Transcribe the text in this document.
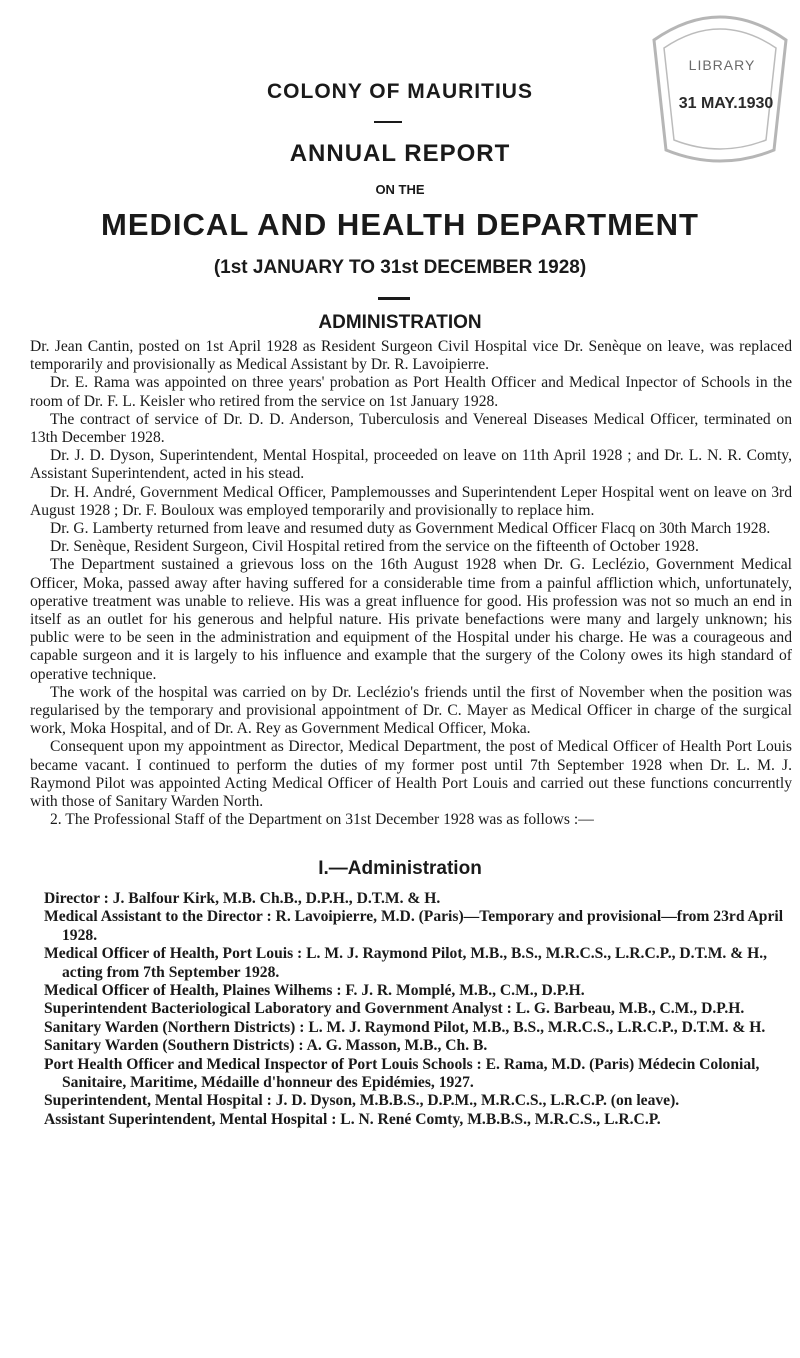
LIBRARY
31 MAY.1930
COLONY OF MAURITIUS
ANNUAL REPORT
ON THE
MEDICAL AND HEALTH DEPARTMENT
(1st JANUARY TO 31st DECEMBER 1928)
ADMINISTRATION

Dr. Jean Cantin, posted on 1st April 1928 as Resident Surgeon Civil Hospital vice Dr. Senèque on leave, was replaced temporarily and provisionally as Medical Assistant by Dr. R. Lavoipierre.

Dr. E. Rama was appointed on three years' probation as Port Health Officer and Medical Inpector of Schools in the room of Dr. F. L. Keisler who retired from the service on 1st January 1928.

The contract of service of Dr. D. D. Anderson, Tuberculosis and Venereal Diseases Medical Officer, terminated on 13th December 1928.

Dr. J. D. Dyson, Superintendent, Mental Hospital, proceeded on leave on 11th April 1928 ; and Dr. L. N. R. Comty, Assistant Superintendent, acted in his stead.

Dr. H. André, Government Medical Officer, Pamplemousses and Superintendent Leper Hospital went on leave on 3rd August 1928 ; Dr. F. Bouloux was employed temporarily and provisionally to replace him.

Dr. G. Lamberty returned from leave and resumed duty as Government Medical Officer Flacq on 30th March 1928.

Dr. Senèque, Resident Surgeon, Civil Hospital retired from the service on the fifteenth of October 1928.

The Department sustained a grievous loss on the 16th August 1928 when Dr. G. Leclézio, Government Medical Officer, Moka, passed away after having suffered for a considerable time from a painful affliction which, unfortunately, operative treatment was unable to relieve. His was a great influence for good. His profession was not so much an end in itself as an outlet for his generous and helpful nature. His private benefactions were many and largely unknown; his public were to be seen in the administration and equipment of the Hospital under his charge. He was a courageous and capable surgeon and it is largely to his influence and example that the surgery of the Colony owes its high standard of operative technique.

The work of the hospital was carried on by Dr. Leclézio's friends until the first of November when the position was regularised by the temporary and provisional appointment of Dr. C. Mayer as Medical Officer in charge of the surgical work, Moka Hospital, and of Dr. A. Rey as Government Medical Officer, Moka.

Consequent upon my appointment as Director, Medical Department, the post of Medical Officer of Health Port Louis became vacant. I continued to perform the duties of my former post until 7th September 1928 when Dr. L. M. J. Raymond Pilot was appointed Acting Medical Officer of Health Port Louis and carried out these functions concurrently with those of Sanitary Warden North.

2. The Professional Staff of the Department on 31st December 1928 was as follows :—

I.—Administration

Director : J. Balfour Kirk, M.B. Ch.B., D.P.H., D.T.M. & H.

Medical Assistant to the Director : R. Lavoipierre, M.D. (Paris)—Temporary and provisional—from 23rd April 1928.

Medical Officer of Health, Port Louis : L. M. J. Raymond Pilot, M.B., B.S., M.R.C.S., L.R.C.P., D.T.M. & H., acting from 7th September 1928.

Medical Officer of Health, Plaines Wilhems : F. J. R. Momplé, M.B., C.M., D.P.H.

Superintendent Bacteriological Laboratory and Government Analyst : L. G. Barbeau, M.B., C.M., D.P.H.

Sanitary Warden (Northern Districts) : L. M. J. Raymond Pilot, M.B., B.S., M.R.C.S., L.R.C.P., D.T.M. & H.

Sanitary Warden (Southern Districts) : A. G. Masson, M.B., Ch. B.

Port Health Officer and Medical Inspector of Port Louis Schools : E. Rama, M.D. (Paris) Médecin Colonial, Sanitaire, Maritime, Médaille d'honneur des Epidémies, 1927.

Superintendent, Mental Hospital : J. D. Dyson, M.B.B.S., D.P.M., M.R.C.S., L.R.C.P. (on leave).

Assistant Superintendent, Mental Hospital : L. N. René Comty, M.B.B.S., M.R.C.S., L.R.C.P.
